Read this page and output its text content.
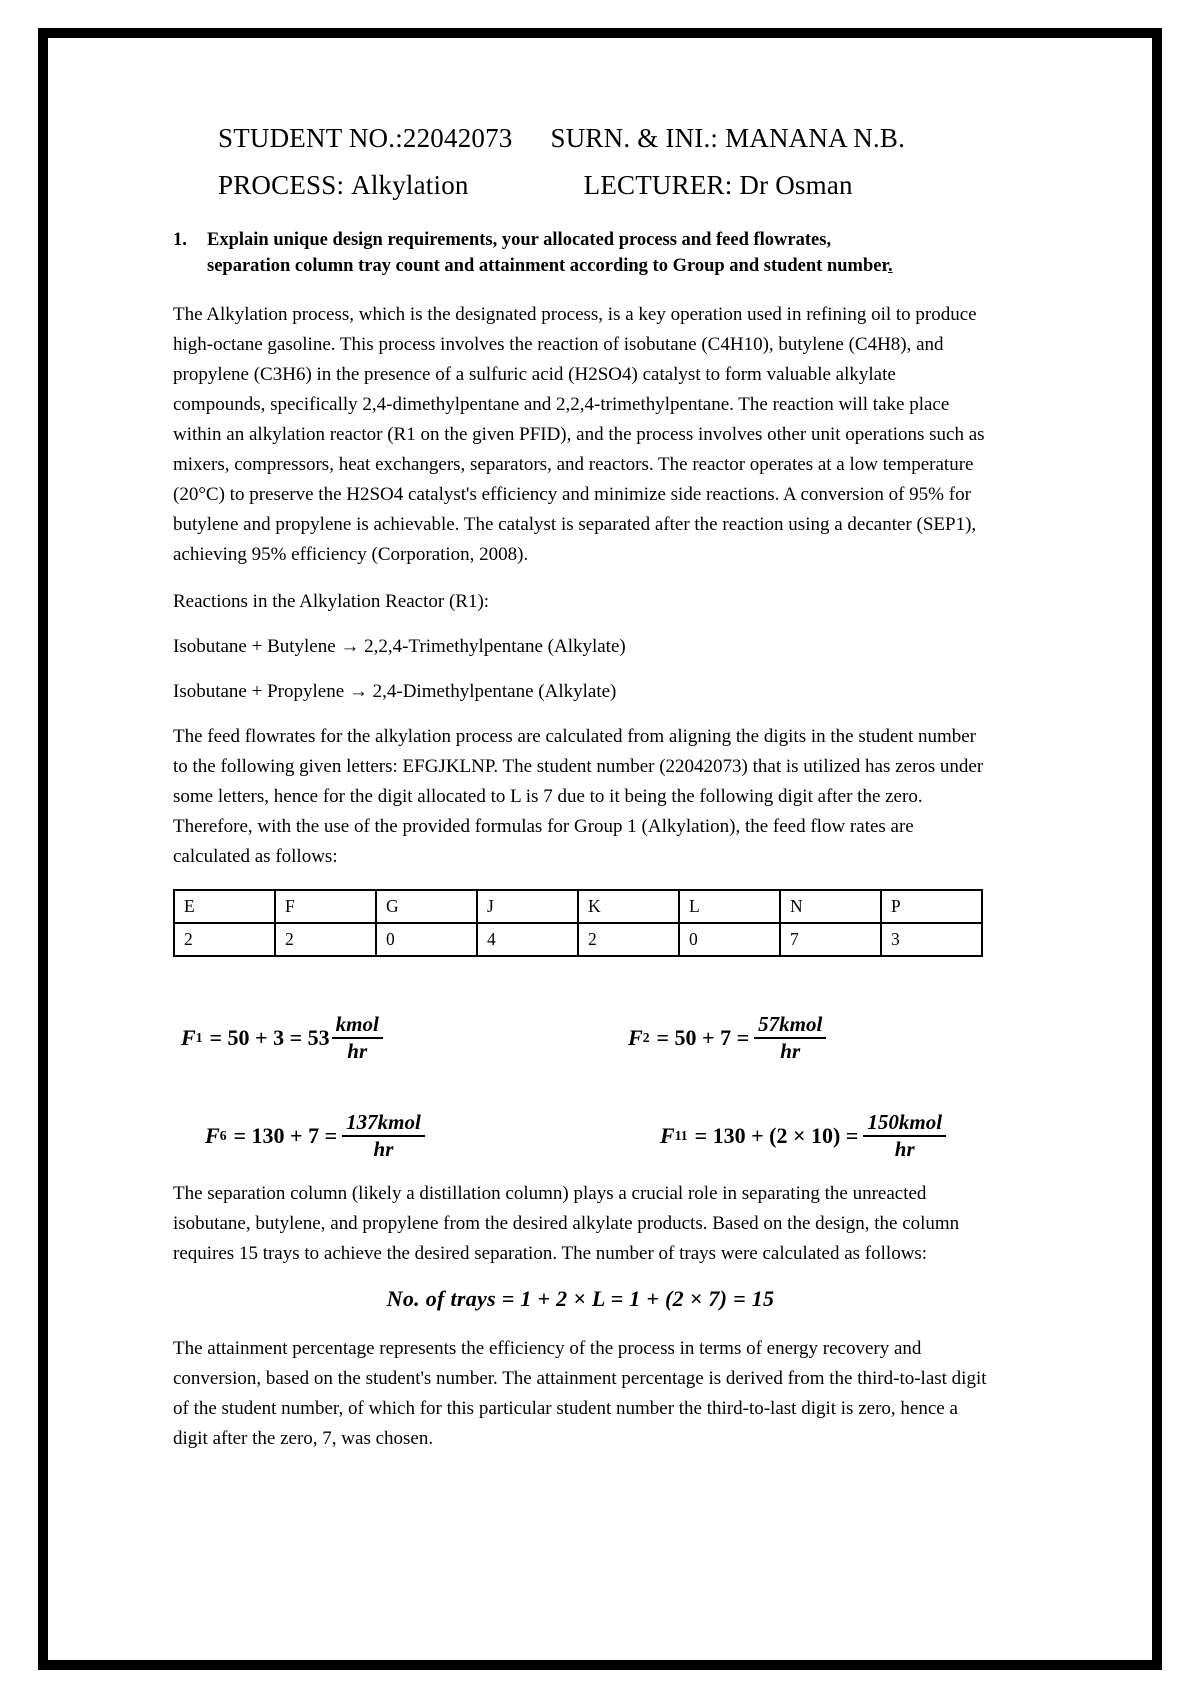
STUDENT NO.:22042073 SURN. & INI.: MANANA N.B.
PROCESS: Alkylation	LECTURER: Dr Osman
1.	Explain unique design requirements, your allocated process and feed flowrates,
separation column tray count and attainment according to Group and student number.

The Alkylation process, which is the designated process, is a key operation used in refining oil to produce high-octane gasoline. This process involves the reaction of isobutane (C4H10), butylene (C4H8), and propylene (C3H6) in the presence of a sulfuric acid (H2SO4) catalyst to form valuable alkylate compounds, specifically 2,4-dimethylpentane and 2,2,4-trimethylpentane. The reaction will take place within an alkylation reactor (R1 on the given PFID), and the process involves other unit operations such as mixers, compressors, heat exchangers, separators, and reactors. The reactor operates at a low temperature (20°C) to preserve the H2SO4 catalyst's efficiency and minimize side reactions. A conversion of 95% for butylene and propylene is achievable. The catalyst is separated after the reaction using a decanter (SEP1), achieving 95% efficiency (Corporation, 2008).

Reactions in the Alkylation Reactor (R1):

Isobutane + Butylene → 2,2,4-Trimethylpentane (Alkylate)

Isobutane + Propylene → 2,4-Dimethylpentane (Alkylate)

The feed flowrates for the alkylation process are calculated from aligning the digits in the student number to the following given letters: EFGJKLNP. The student number (22042073) that is utilized has zeros under some letters, hence for the digit allocated to L is 7 due to it being the following digit after the zero. Therefore, with the use of the provided formulas for Group 1 (Alkylation), the feed flow rates are calculated as follows:

E	F	G	J	K	L	N	P
2	2	0	4	2	0	7	3
F $1 = 50 + 3 = 53 \frac{\text{kmol}}{hr}$	F $2 = 50 + 7 = \frac{\text{57kmol}}{hr}$
F $6 = 130 + 7 = \frac{\text{137kmol}}{hr}$	F $11 = 130 + (2 \times 10) = \frac{\text{150kmol}}{hr}$

The separation column (likely a distillation column) plays a crucial role in separating the unreacted isobutane, butylene, and propylene from the desired alkylate products. Based on the design, the column requires 15 trays to achieve the desired separation. The number of trays were calculated as follows:

No. of trays = 1 + 2 × L = 1 + (2 × 7) = 15

The attainment percentage represents the efficiency of the process in terms of energy recovery and conversion, based on the student's number. The attainment percentage is derived from the third-to-last digit of the student number, of which for this particular student number the third-to-last digit is zero, hence a digit after the zero, 7, was chosen.
